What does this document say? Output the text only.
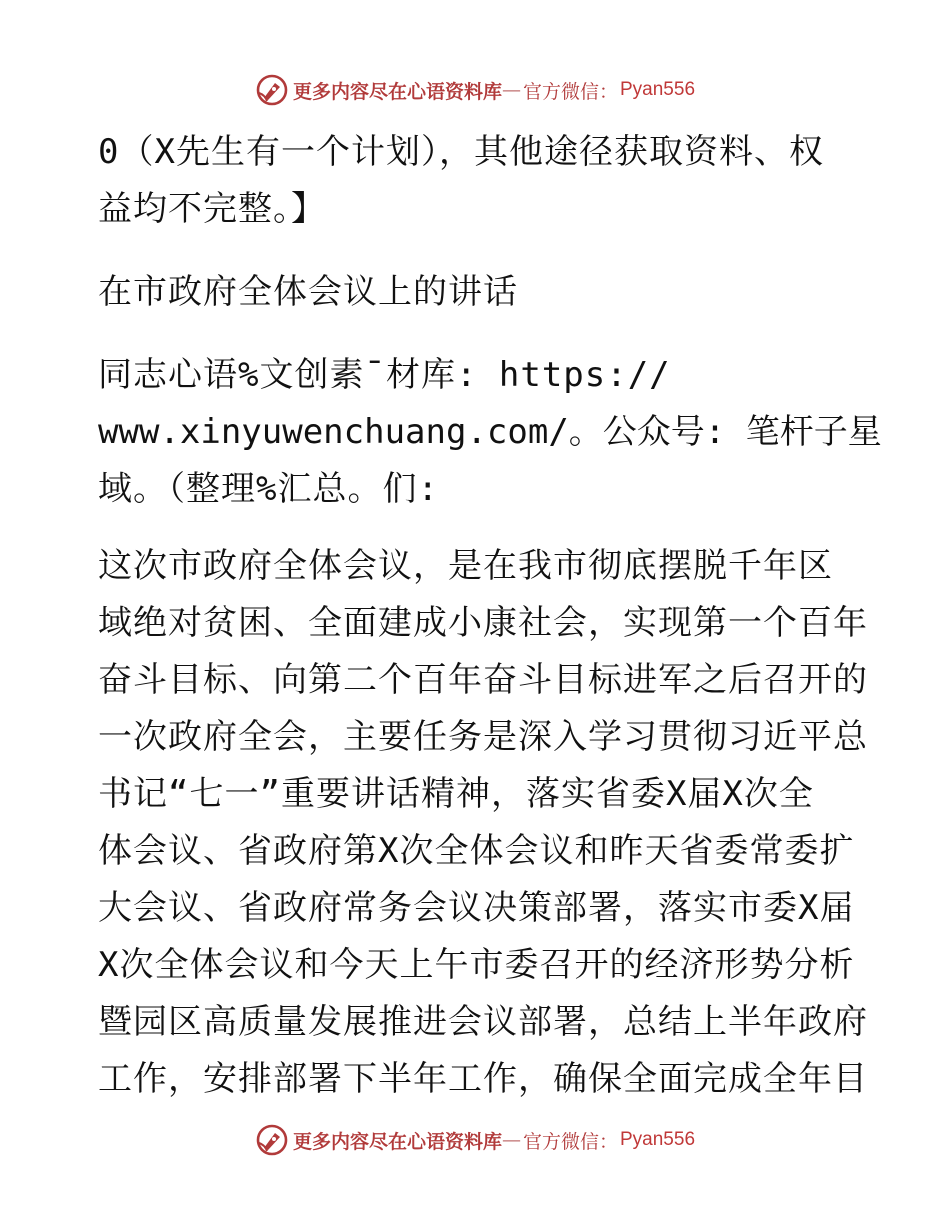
更多内容尽在心语资料库 — 官方微信： Pyan556
0（X先生有一个计划），其他途径获取资料、权
益均不完整。】
在市政府全体会议上的讲话
同志心语%文创素¯材库: https://
www.xinyuwenchuang.com/。公众号: 笔杆子星
域。（整理%汇总。们:
这次市政府全体会议，是在我市彻底摆脱千年区
域绝对贫困、全面建成小康社会，实现第一个百年
奋斗目标、向第二个百年奋斗目标进军之后召开的
一次政府全会，主要任务是深入学习贯彻习近平总
书记“七一”重要讲话精神，落实省委X届X次全
体会议、省政府第X次全体会议和昨天省委常委扩
大会议、省政府常务会议决策部署，落实市委X届
X次全体会议和今天上午市委召开的经济形势分析
暨园区高质量发展推进会议部署，总结上半年政府
工作，安排部署下半年工作，确保全面完成全年目
更多内容尽在心语资料库 — 官方微信： Pyan556
